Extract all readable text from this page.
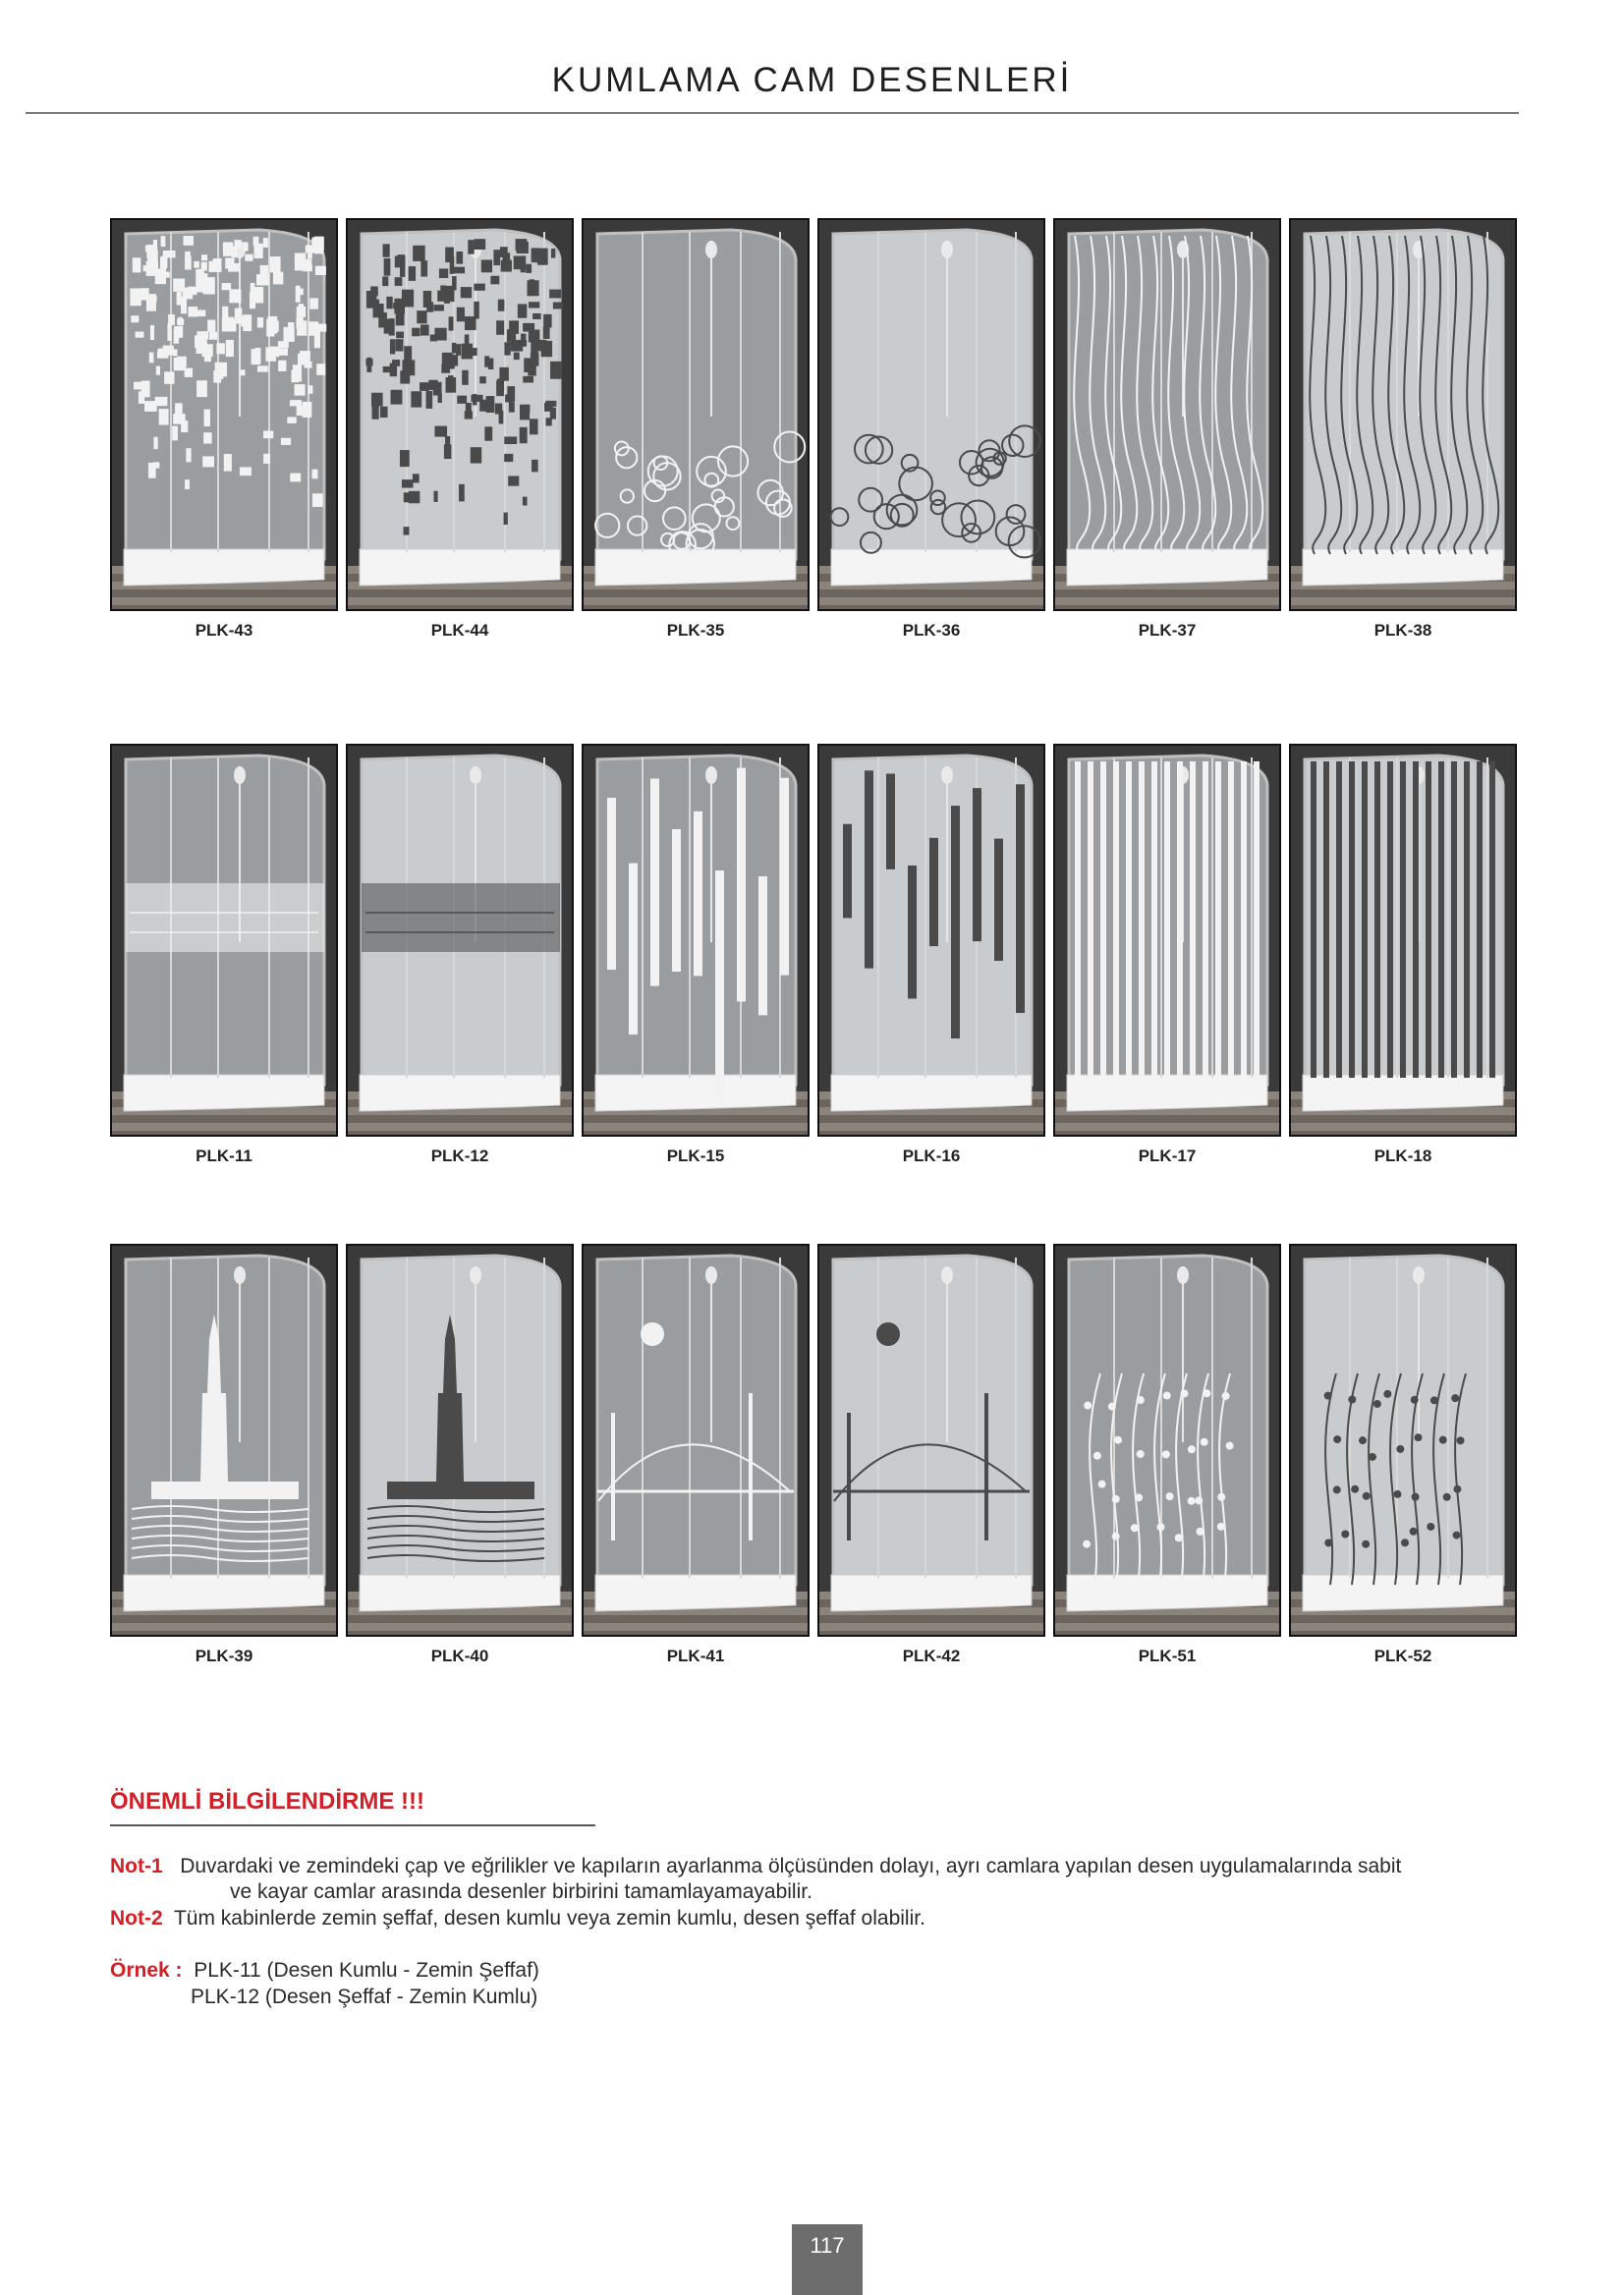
KUMLAMA CAM DESENLERİ
PLK-43	PLK-44	PLK-35	PLK-36	PLK-37	PLK-38
PLK-11	PLK-12	PLK-15	PLK-16	PLK-17	PLK-18
PLK-39	PLK-40	PLK-41	PLK-42	PLK-51	PLK-52
ÖNEMLİ BİLGİLENDİRME !!!
Not-1 Duvardaki ve zemindeki çap ve eğrilikler ve kapıların ayarlanma ölçüsünden dolayı, ayrı camlara yapılan desen uygulamalarında sabit
ve kayar camlar arasında desenler birbirini tamamlayamayabilir.
Not-2 Tüm kabinlerde zemin şeffaf, desen kumlu veya zemin kumlu, desen şeffaf olabilir.
Örnek : PLK-11 (Desen Kumlu - Zemin Şeffaf)
PLK-12 (Desen Şeffaf - Zemin Kumlu)
117
